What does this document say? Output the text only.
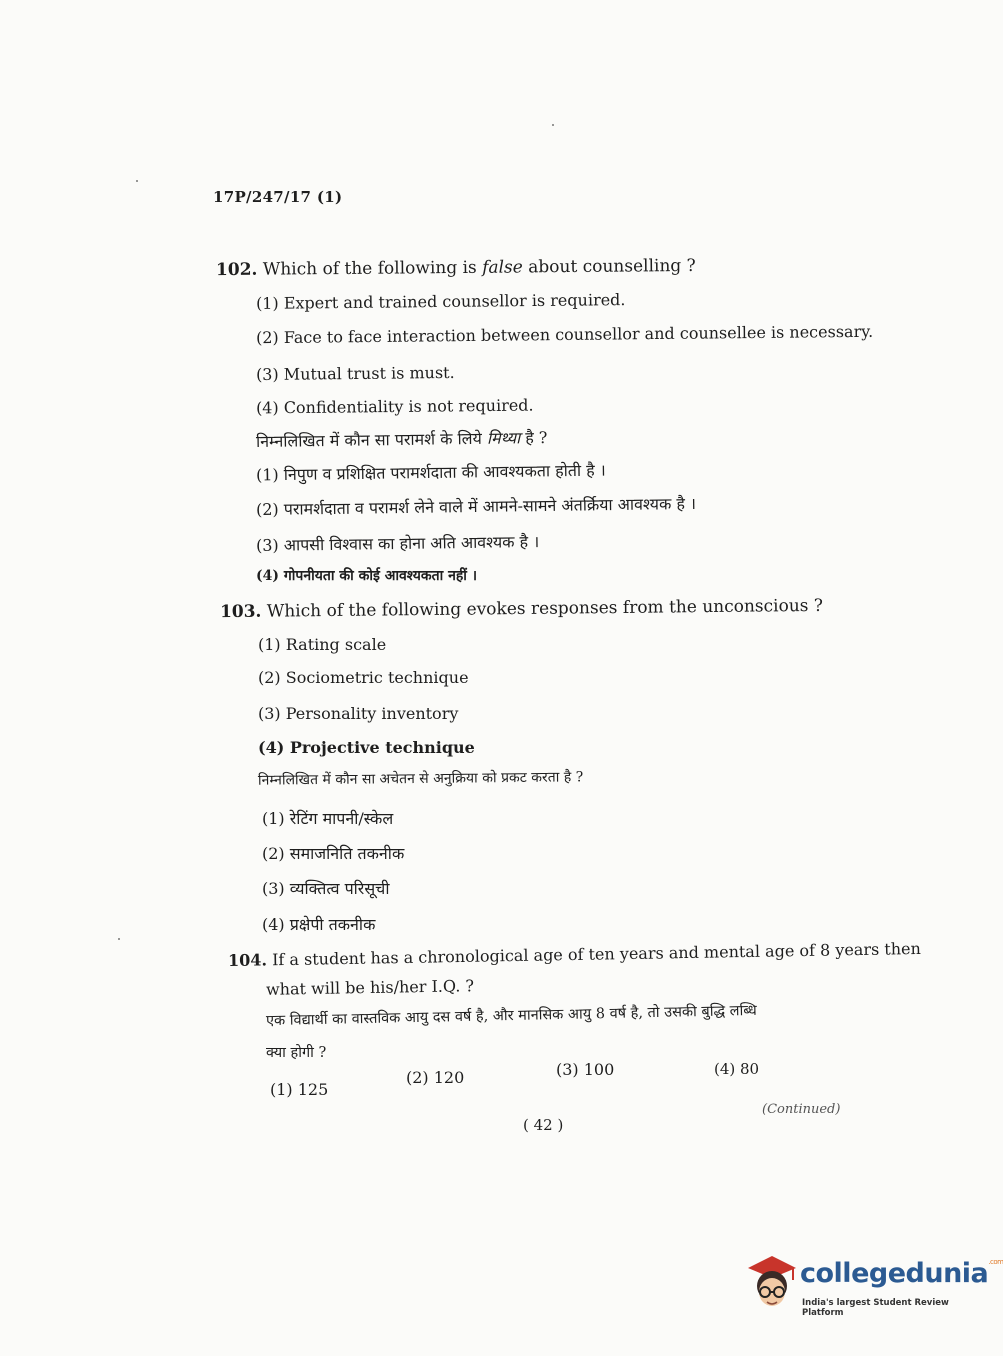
17P/247/17 (1)
102. Which of the following is false about counselling ?
(1) Expert and trained counsellor is required.
(2) Face to face interaction between counsellor and counsellee is necessary.
(3) Mutual trust is must.
(4) Confidentiality is not required.
निम्नलिखित में कौन सा परामर्श के लिये मिथ्या है ?
(1) निपुण व प्रशिक्षित परामर्शदाता की आवश्यकता होती है ।
(2) परामर्शदाता व परामर्श लेने वाले में आमने-सामने अंतर्क्रिया आवश्यक है ।
(3) आपसी विश्वास का होना अति आवश्यक है ।
(4) गोपनीयता की कोई आवश्यकता नहीं ।
103. Which of the following evokes responses from the unconscious ?
(1) Rating scale
(2) Sociometric technique
(3) Personality inventory
(4) Projective technique
निम्नलिखित में कौन सा अचेतन से अनुक्रिया को प्रकट करता है ?
(1) रेटिंग मापनी/स्केल
(2) समाजनिति तकनीक
(3) व्यक्तित्व परिसूची
(4) प्रक्षेपी तकनीक
104. If a student has a chronological age of ten years and mental age of 8 years then
what will be his/her I.Q. ?
एक विद्यार्थी का वास्तविक आयु दस वर्ष है, और मानसिक आयु 8 वर्ष है, तो उसकी बुद्धि लब्धि
क्या होगी ?
(1) 125
(2) 120	(3) 100	(4) 80
( 42 )
(Continued)
collegedunia$^{.com}$
India's largest Student Review Platform
